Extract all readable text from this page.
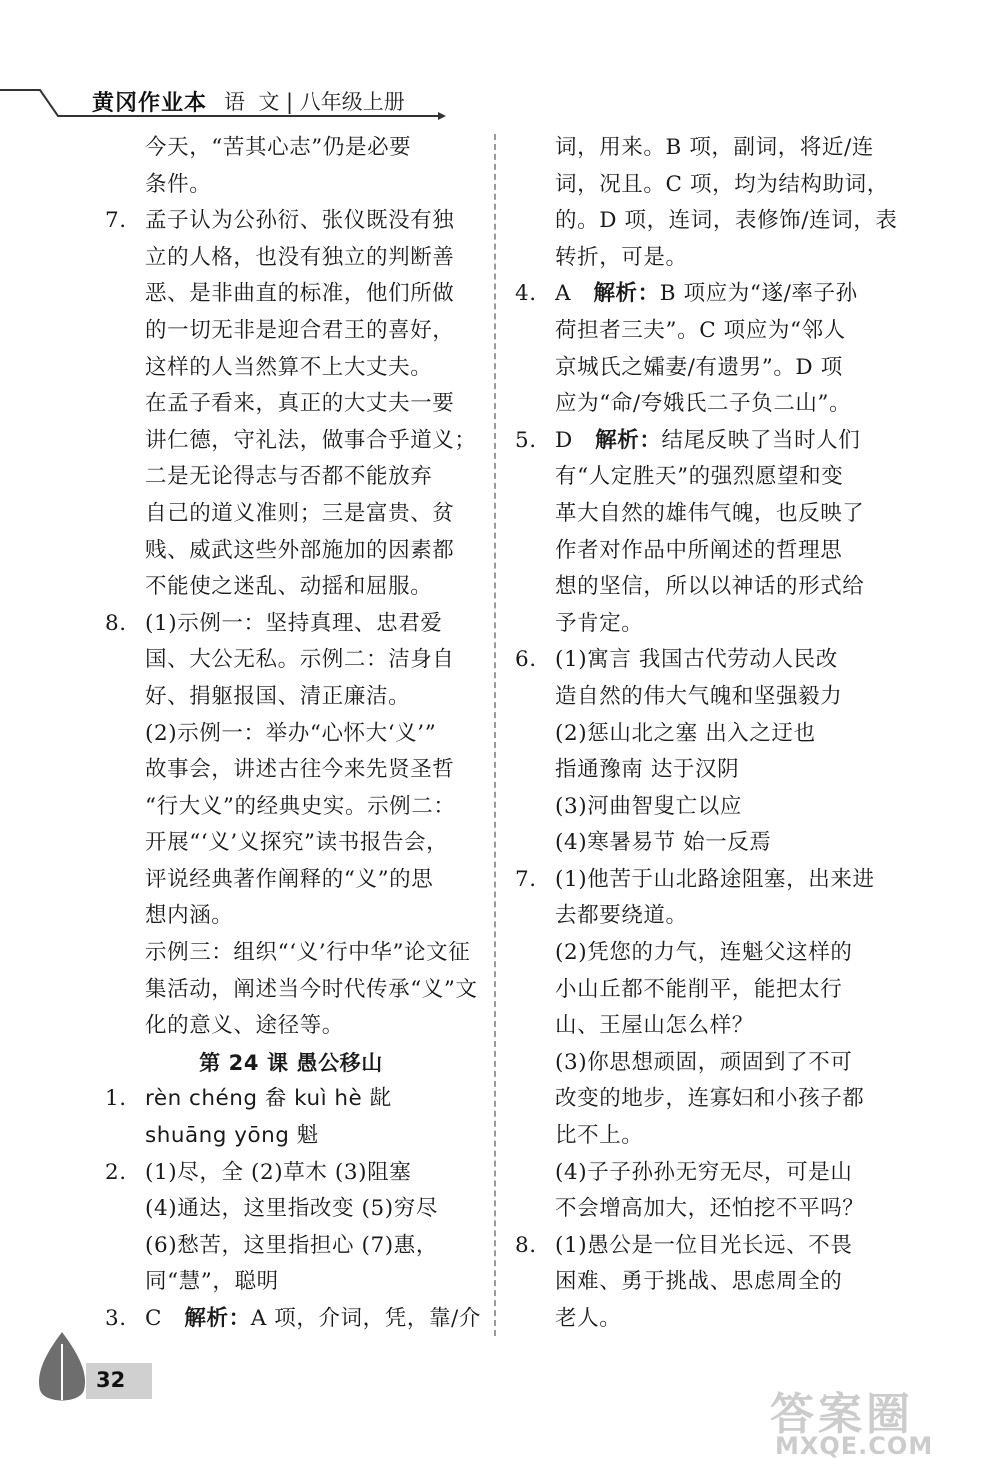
黄冈作业本 语  文 | 八年级上册
今天，“苦其心志”仍是必要
条件。
7. 孟子认为公孙衍、张仪既没有独
立的人格，也没有独立的判断善
恶、是非曲直的标准，他们所做
的一切无非是迎合君王的喜好，
这样的人当然算不上大丈夫。
在孟子看来，真正的大丈夫一要
讲仁德，守礼法，做事合乎道义；
二是无论得志与否都不能放弃
自己的道义准则；三是富贵、贫
贱、威武这些外部施加的因素都
不能使之迷乱、动摇和屈服。
8. (1)示例一：坚持真理、忠君爱
国、大公无私。示例二：洁身自
好、捐躯报国、清正廉洁。
(2)示例一：举办“心怀大‘义’”
故事会，讲述古往今来先贤圣哲
“行大义”的经典史实。示例二：
开展“‘义’义探究”读书报告会，
评说经典著作阐释的“义”的思
想内涵。
示例三：组织“‘义’行中华”论文征
集活动，阐述当今时代传承“义”文
化的意义、途径等。
第 24 课 愚公移山
1. rèn chéng 畚 kuì hè 龀
shuāng yōng 魁
2. (1)尽，全 (2)草木 (3)阻塞
(4)通达，这里指改变 (5)穷尽
(6)愁苦，这里指担心 (7)惠，
同“慧”，聪明
3. C 解析：A 项，介词，凭，靠/介
词，用来。B 项，副词，将近/连
词，况且。C 项，均为结构助词，
的。D 项，连词，表修饰/连词，表
转折，可是。
4. A 解析：B 项应为“遂/率子孙
荷担者三夫”。C 项应为“邻人
京城氏之孀妻/有遗男”。D 项
应为“命/夸娥氏二子负二山”。
5. D 解析：结尾反映了当时人们
有“人定胜天”的强烈愿望和变
革大自然的雄伟气魄，也反映了
作者对作品中所阐述的哲理思
想的坚信，所以以神话的形式给
予肯定。
6. (1)寓言 我国古代劳动人民改
造自然的伟大气魄和坚强毅力
(2)惩山北之塞 出入之迂也
指通豫南 达于汉阴
(3)河曲智叟亡以应
(4)寒暑易节 始一反焉
7. (1)他苦于山北路途阻塞，出来进
去都要绕道。
(2)凭您的力气，连魁父这样的
小山丘都不能削平，能把太行
山、王屋山怎么样？
(3)你思想顽固，顽固到了不可
改变的地步，连寡妇和小孩子都
比不上。
(4)子子孙孙无穷无尽，可是山
不会增高加大，还怕挖不平吗？
8. (1)愚公是一位目光长远、不畏
困难、勇于挑战、思虑周全的
老人。
32
答案圈
MXQE.COM
